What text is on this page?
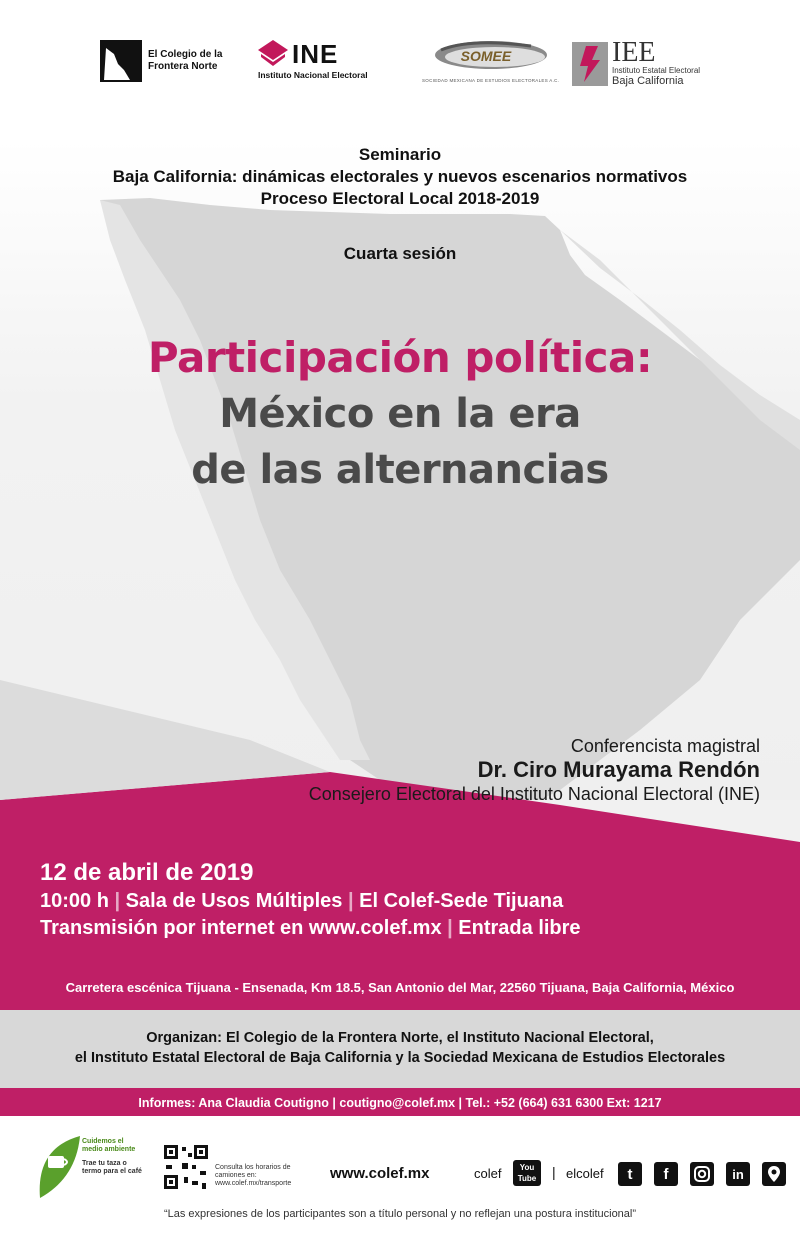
El Colegio de la Frontera Norte	INE
Instituto Nacional Electoral
SOMEE
SOCIEDAD MEXICANA DE ESTUDIOS ELECTORALES A.C.
IEE
Instituto Estatal Electoral
Baja California
Seminario
Baja California: dinámicas electorales y nuevos escenarios normativos
Proceso Electoral Local 2018-2019
Cuarta sesión
Participación política:
México en la era
de las alternancias
Conferencista magistral
Dr. Ciro Murayama Rendón
Consejero Electoral del Instituto Nacional Electoral (INE)
12 de abril de 2019
10:00 h | Sala de Usos Múltiples | El Colef-Sede Tijuana
Transmisión por internet en www.colef.mx | Entrada libre
Carretera escénica Tijuana - Ensenada, Km 18.5, San Antonio del Mar, 22560 Tijuana, Baja California, México
Organizan: El Colegio de la Frontera Norte, el Instituto Nacional Electoral,
el Instituto Estatal Electoral de Baja California y la Sociedad Mexicana de Estudios Electorales
Informes: Ana Claudia Coutigno | coutigno@colef.mx | Tel.: +52 (664) 631 6300 Ext: 1217
Cuidemos el medio ambiente
Trae tu taza o termo para el café
Consulta los horarios de camiones en: www.colef.mx/transporte
www.colef.mx	colef	You
Tube	| elcolef	t	f	in
“Las expresiones de los participantes son a título personal y no reflejan una postura institucional”
